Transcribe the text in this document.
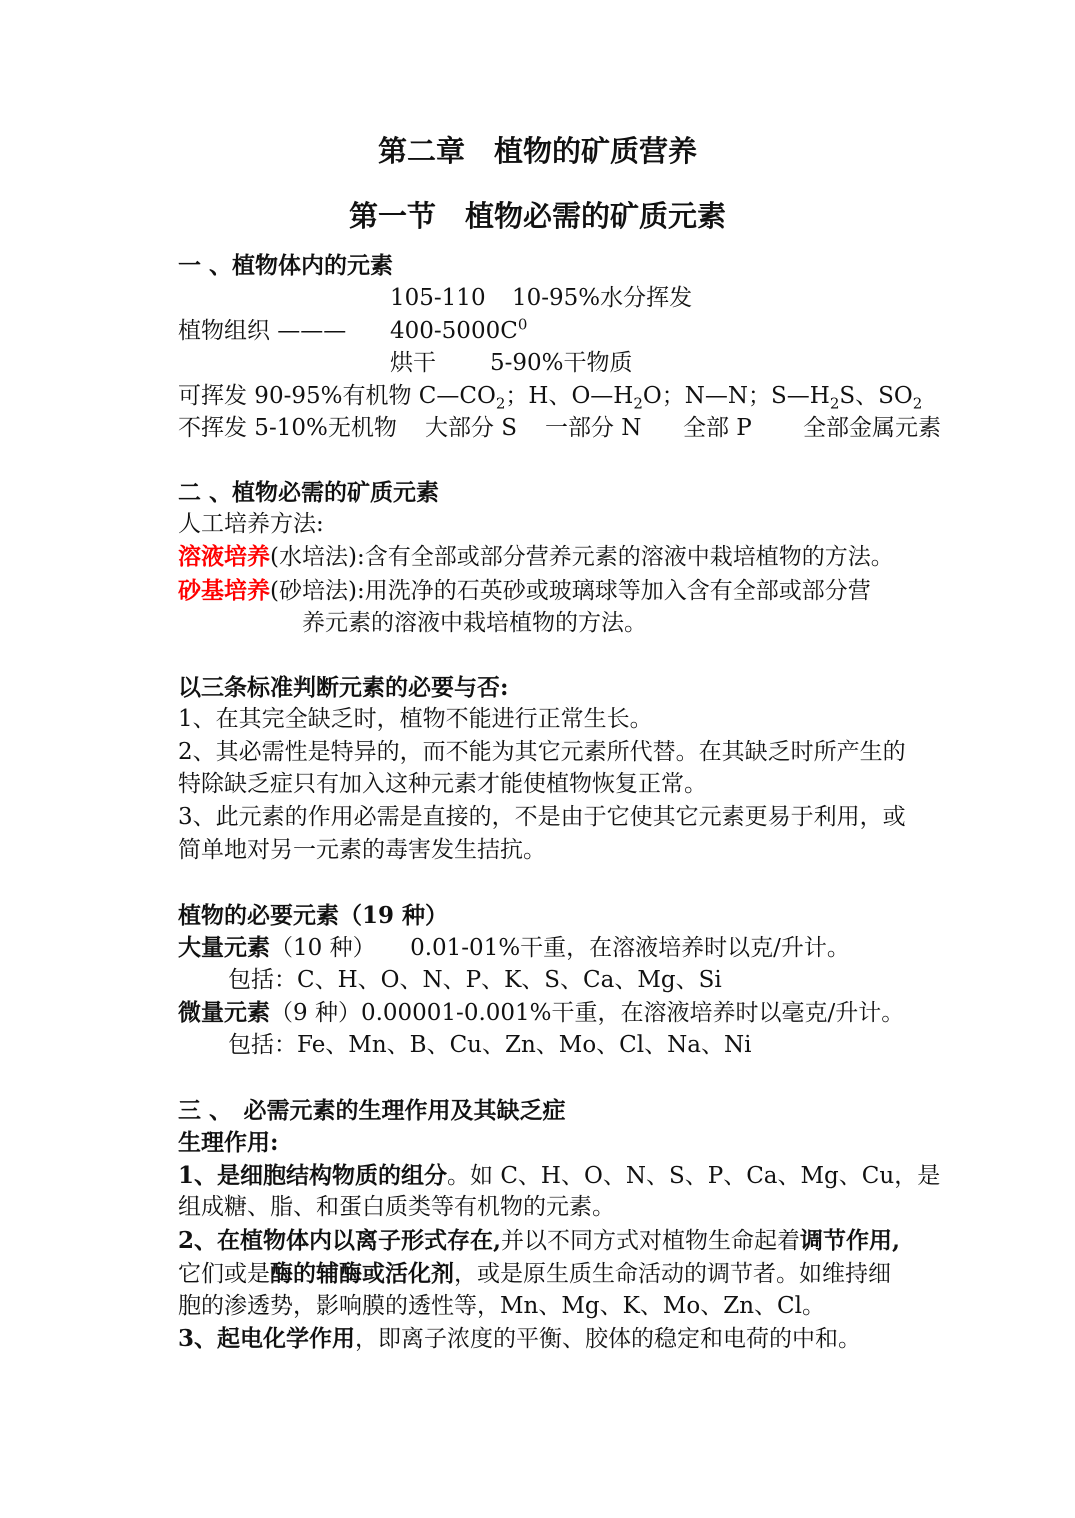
第二章　植物的矿质营养
第一节　植物必需的矿质元素
一 、植物体内的元素
105-110 10-95%水分挥发
植物组织 ——— $400-5000C^0$
烘干 5-90%干物质
可挥发 90-95%有机物 $C—CO_2$；H、$O—H_2O$；N—N；$S—H_2S$、$SO_2$
不挥发 5-10%无机物 大部分 S 一部分 N 全部 P 全部金属元素
二 、植物必需的矿质元素
人工培养方法:
溶液培养(水培法):含有全部或部分营养元素的溶液中栽培植物的方法。
砂基培养(砂培法):用洗净的石英砂或玻璃球等加入含有全部或部分营
养元素的溶液中栽培植物的方法。
以三条标准判断元素的必要与否:
1、在其完全缺乏时，植物不能进行正常生长。
2、其必需性是特异的，而不能为其它元素所代替。在其缺乏时所产生的
特除缺乏症只有加入这种元素才能使植物恢复正常。
3、此元素的作用必需是直接的，不是由于它使其它元素更易于利用，或
简单地对另一元素的毒害发生拮抗。
植物的必要元素（19 种）
大量元素（10 种）　　0.01-01%干重，在溶液培养时以克/升计。
包括：C、H、O、N、P、K、S、Ca、Mg、Si
微量元素（9 种）0.00001-0.001%干重，在溶液培养时以毫克/升计。
包括：Fe、Mn、B、Cu、Zn、Mo、Cl、Na、Ni
三 、　必需元素的生理作用及其缺乏症
生理作用:
1、是细胞结构物质的组分。如 C、H、O、N、S、P、Ca、Mg、Cu，是
组成糖、脂、和蛋白质类等有机物的元素。
2、在植物体内以离子形式存在,并以不同方式对植物生命起着调节作用,
它们或是酶的辅酶或活化剂，或是原生质生命活动的调节者。如维持细
胞的渗透势，影响膜的透性等，Mn、Mg、K、Mo、Zn、Cl。
3、起电化学作用，即离子浓度的平衡、胶体的稳定和电荷的中和。
